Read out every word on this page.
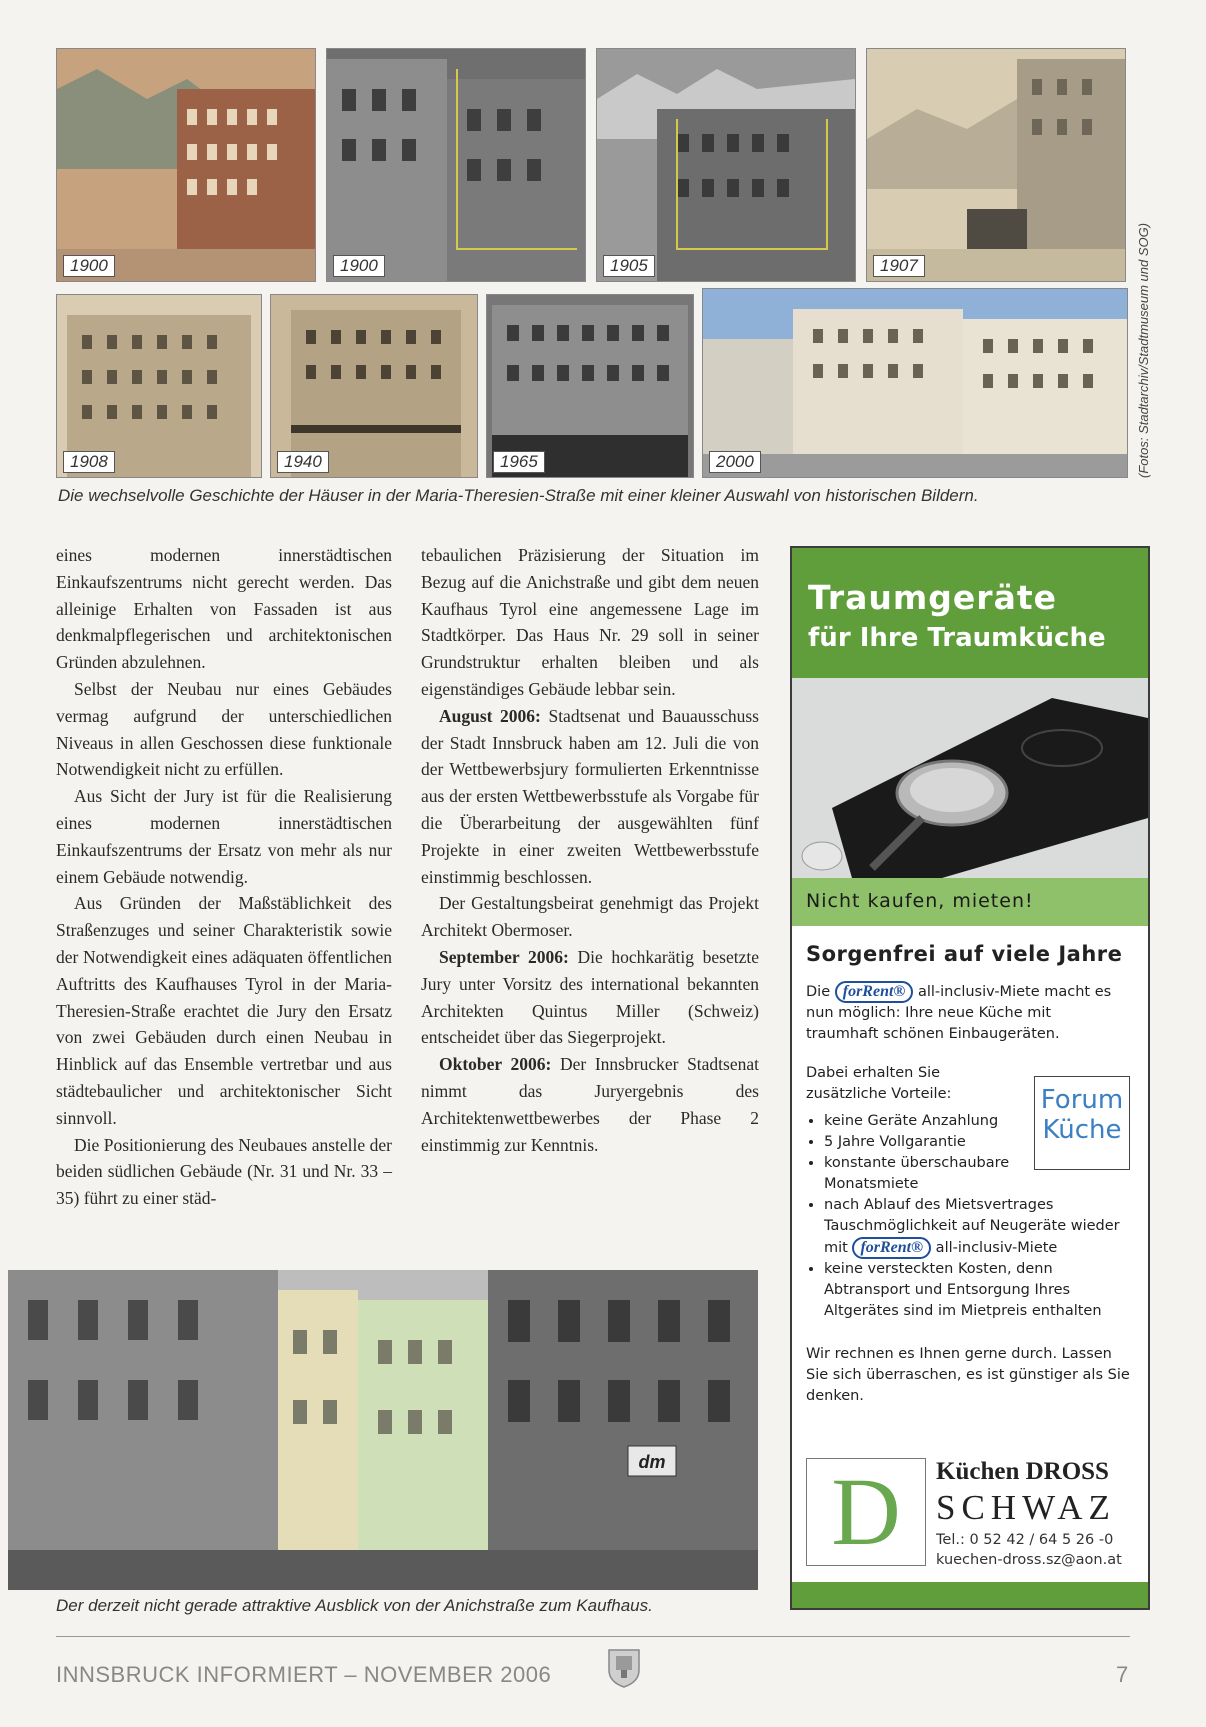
1900	1900	1905	1907
1908	1940	1965	2000	(Fotos: Stadtarchiv/Stadtmuseum und SOG)
Die wechselvolle Geschichte der Häuser in der Maria-Theresien-Straße mit einer kleiner Auswahl von historischen Bildern.

eines modernen innerstädtischen Einkaufszentrums nicht gerecht werden. Das alleinige Erhalten von Fassaden ist aus denkmalpflegerischen und architektonischen Gründen abzulehnen.

Selbst der Neubau nur eines Gebäudes vermag aufgrund der unterschiedlichen Niveaus in allen Geschossen diese funktionale Notwendigkeit nicht zu erfüllen.

Aus Sicht der Jury ist für die Realisierung eines modernen innerstädtischen Einkaufszentrums der Ersatz von mehr als nur einem Gebäude notwendig.

Aus Gründen der Maßstäblichkeit des Straßenzuges und seiner Charakteristik sowie der Notwendigkeit eines adäquaten öffentlichen Auftritts des Kaufhauses Tyrol in der Maria-Theresien-Straße erachtet die Jury den Ersatz von zwei Gebäuden durch einen Neubau in Hinblick auf das Ensemble vertretbar und aus städtebaulicher und architektonischer Sicht sinnvoll.

Die Positionierung des Neubaues anstelle der beiden südlichen Gebäude (Nr. 31 und Nr. 33 – 35) führt zu einer städ-

tebaulichen Präzisierung der Situation im Bezug auf die Anichstraße und gibt dem neuen Kaufhaus Tyrol eine angemessene Lage im Stadtkörper. Das Haus Nr. 29 soll in seiner Grundstruktur erhalten bleiben und als eigenständiges Gebäude lebbar sein.

August 2006: Stadtsenat und Bauausschuss der Stadt Innsbruck haben am 12. Juli die von der Wettbewerbsjury formulierten Erkenntnisse aus der ersten Wettbewerbsstufe als Vorgabe für die Überarbeitung der ausgewählten fünf Projekte in einer zweiten Wettbewerbsstufe einstimmig beschlossen.

Der Gestaltungsbeirat genehmigt das Projekt Architekt Obermoser.

September 2006: Die hochkarätig besetzte Jury unter Vorsitz des international bekannten Architekten Quintus Miller (Schweiz) entscheidet über das Siegerprojekt.

Oktober 2006: Der Innsbrucker Stadtsenat nimmt das Juryergebnis des Architektenwettbewerbes der Phase 2 einstimmig zur Kenntnis.

dm
Der derzeit nicht gerade attraktive Ausblick von der Anichstraße zum Kaufhaus.
Traumgeräte
für Ihre Traumküche
Nicht kaufen, mieten!
Sorgenfrei auf viele Jahre
Die forRent® all-inclusiv-Miete macht es nun möglich: Ihre neue Küche mit traumhaft schönen Einbaugeräten.
Dabei erhalten Sie zusätzliche Vorteile:
• keine Geräte Anzahlung
• 5 Jahre Vollgarantie
• konstante überschaubare Monatsmiete
• nach Ablauf des Mietsvertrages Tauschmöglichkeit auf Neugeräte wieder mit forRent® all-inclusiv-Miete
• keine versteckten Kosten, denn Abtransport und Entsorgung Ihres Altgerätes sind im Mietpreis enthalten
Wir rechnen es Ihnen gerne durch. Lassen Sie sich überraschen, es ist günstiger als Sie denken.
Forum
Küche
D	Küchen DROSS
SCHWAZ
Tel.: 0 52 42 / 64 5 26 -0
kuechen-dross.sz@aon.at
INNSBRUCK INFORMIERT – NOVEMBER 2006	7
